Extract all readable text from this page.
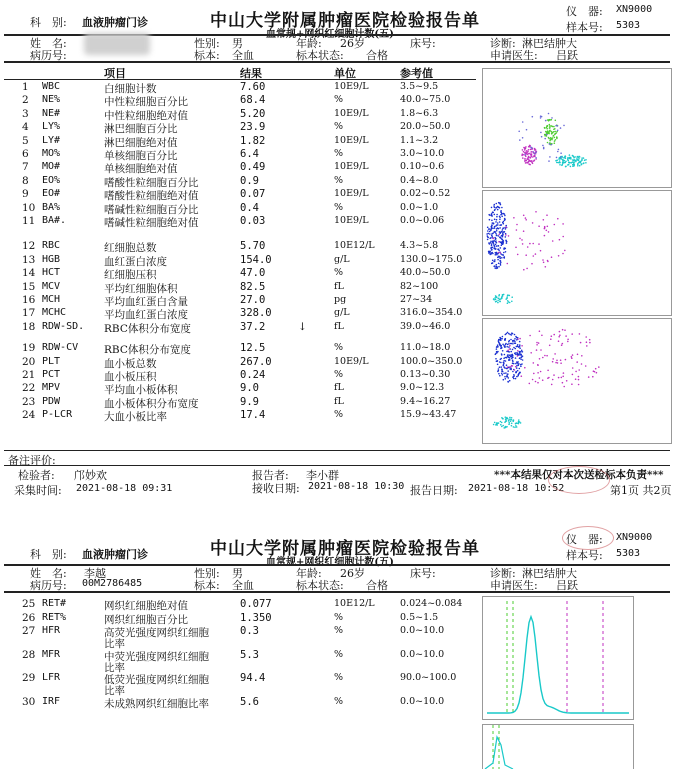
科　别: 血液肿瘤门诊	中山大学附属肿瘤医院检验报告单
血常规+网织红细胞计数(五)
仪　器: XN9000
样本号: 5303
姓　名:
病历号:
性别: 男	年龄: 26岁	床号:	诊断: 淋巴结肿大
标本: 全血	标本状态: 合格	申请医生: 吕跃
项目	结果	单位	参考值
1 WBC	白细胞计数	7.60	10E9/L	3.5~9.5
2 NE%	中性粒细胞百分比	68.4	%	40.0~75.0
3 NE#	中性粒细胞绝对值	5.20	10E9/L	1.8~6.3
4 LY%	淋巴细胞百分比	23.9	%	20.0~50.0
5 LY#	淋巴细胞绝对值	1.82	10E9/L	1.1~3.2
6 MO%	单核细胞百分比	6.4	%	3.0~10.0
7 MO#	单核细胞绝对值	0.49	10E9/L	0.10~0.6
8 EO%	嗜酸性粒细胞百分比	0.9	%	0.4~8.0
9 EO#	嗜酸性粒细胞绝对值	0.07	10E9/L	0.02~0.52
10 BA%	嗜碱性粒细胞百分比	0.4	%	0.0~1.0
11 BA#.	嗜碱性粒细胞绝对值	0.03	10E9/L	0.0~0.06
12 RBC	红细胞总数	5.70	10E12/L	4.3~5.8
13 HGB	血红蛋白浓度	154.0	g/L	130.0~175.0
14 HCT	红细胞压积	47.0	%	40.0~50.0
15 MCV	平均红细胞体积	82.5	fL	82~100
16 MCH	平均血红蛋白含量	27.0	pg	27~34
17 MCHC	平均血红蛋白浓度	328.0	g/L	316.0~354.0
18 RDW-SD. RBC体积分布宽度	37.2	↓	fL	39.0~46.0
19 RDW-CV RBC体积分布宽度	12.5	%	11.0~18.0
20 PLT	血小板总数	267.0	10E9/L	100.0~350.0
21 PCT	血小板压积	0.24	%	0.13~0.30
22 MPV	平均血小板体积	9.0	fL	9.0~12.3
23 PDW	血小板体积分布宽度	9.9	fL	9.4~16.27
24 P-LCR	大血小板比率	17.4	%	15.9~43.47
备注评价:
检验者: 邝妙欢
采集时间: 2021-08-18 09:31
报告者: 李小群
接收日期: 2021-08-18 10:30 报告日期: 2021-08-18 10:52
***本结果仅对本次送检标本负责***
第1页 共2页
科　别: 血液肿瘤门诊	中山大学附属肿瘤医院检验报告单
血常规+网织红细胞计数(五)
仪　器: XN9000
样本号: 5303
姓　名: 李越
病历号: 00M2786485
性别: 男	年龄: 26岁	床号:	诊断: 淋巴结肿大
标本: 全血	标本状态: 合格	申请医生: 吕跃
25 RET#	网织红细胞绝对值	0.077	10E12/L	0.024~0.084
26 RET%	网织红细胞百分比	1.350	%	0.5~1.5
27 HFR	高荧光强度网织红细胞	0.3	%	0.0~10.0
比率
28 MFR	中荧光强度网织红细胞	5.3	%	0.0~10.0
比率
29 LFR	低荧光强度网织红细胞	94.4	%	90.0~100.0
比率
30 IRF	未成熟网织红细胞比率	5.6	%	0.0~10.0
